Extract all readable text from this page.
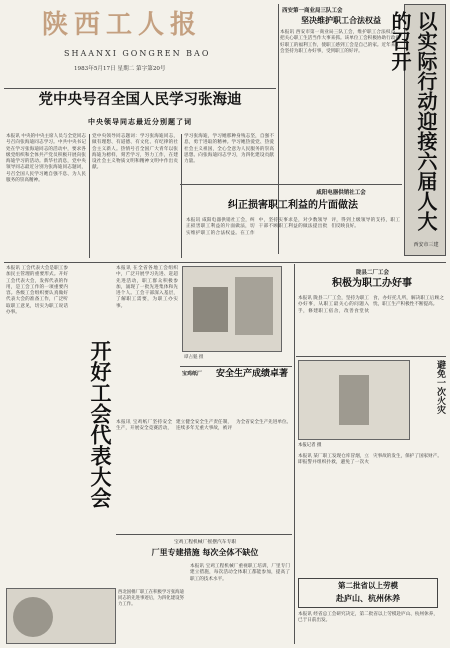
陕西工人报
SHAANXI GONGREN BAO
1983年5月17日 星期二 第字第20号
西安第一商业局三队工会
坚决维护职工合法权益
本报讯 西安市第一商业局三队工会，维护职工合法权益，把关心职工生活当作大事来抓。该单位工会积极协助行政做好职工的福利工作，使职工感到工会是自己的家。近年来工会坚持为职工办好事，受到职工的好评。	以实际行动迎接六届人大的召开
西安市三建
党中央号召全国人民学习张海迪
中央领导同志最近分别题了词
本报讯 中央的中央主席人员与全党同志号召向张海迪同志学习。中共中央书记处在学习张海迪同志的活动中，要求各级党组织和全体共产党员积极开展向张海迪学习的活动。新华社消息，党中央领导同志最近分别为张海迪同志题词，号召全国人民学习她自强不息、为人民服务的崇高精神。
党中央领导同志题词：学习张海迪同志，做有理想、有道德、有文化、有纪律的社会主义新人。热情号召全国广大青年以张海迪为榜样，刻苦学习，努力工作，在建设社会主义物质文明和精神文明中作出贡献。
学习张海迪，学习她那种身残志坚，自强不息，勇于进取的精神。学习她热爱党、热爱社会主义祖国，全心全意为人民服务的崇高思想。向张海迪同志学习，为四化建设贡献力量。
咸阳电器供销社工会
纠正损害职工利益的片面做法
本报讯 咸阳电器供销社工会，纠正损害职工利益的片面做法，切实维护职工的合法权益。在工作中，坚持实事求是，对少数领导干部不顾职工利益的做法提出批评，得到上级领导的支持，职工们反映良好。
本报讯 工会代表大会是职工参加民主管理的重要形式。开好工会代表大会，发挥代表的作用，是工会工作的一项重要内容。各级工会组织要认真做好代表大会的准备工作，广泛听取职工意见，切实为职工说话办事。
开好工会代表大会
西北国棉厂职工在积极学习张海迪同志的先进事迹后，为四化建设努力工作。
本报讯 在全省各地工会组织中，广泛开展学习先进、赶超先进活动，职工群众积极参加，涌现了一批先进集体和先进个人。工会干部深入基层，了解职工需要，为职工办实事。
谭占魁 摄
宝鸡纸厂	安全生产成绩卓著
本报讯 宝鸡纸厂坚持安全生产，开展安全竞赛活动，建立健全安全生产责任制，连续多年无重大事故，被评为全省安全生产先进单位。
宝鸡工程机械厂摇摆汽车专职
厂里专建措施 每次全体不缺位
本报讯 宝鸡工程机械厂重视职工培训，厂里专门建立措施，每次活动全体职工都能参加，提高了职工的技术水平。
陇县二厂工会
积极为职工办好事
本报讯 陇县二厂工会，坚持为职工办好事，从职工最关心的问题入手，修建职工宿舍，改善食堂伙食，办好托儿所，解决职工后顾之忧，职工生产积极性不断提高。
避免一次火灾
本报记者 摄
本报讯 某厂职工发现仓库冒烟，立即报警并组织扑救，避免了一次火灾事故的发生，保护了国家财产。
第二批省以上劳模
赴庐山、杭州休养
本报讯 经省总工会研究决定，第二批省以上劳模赴庐山、杭州休养，已于日前出发。
